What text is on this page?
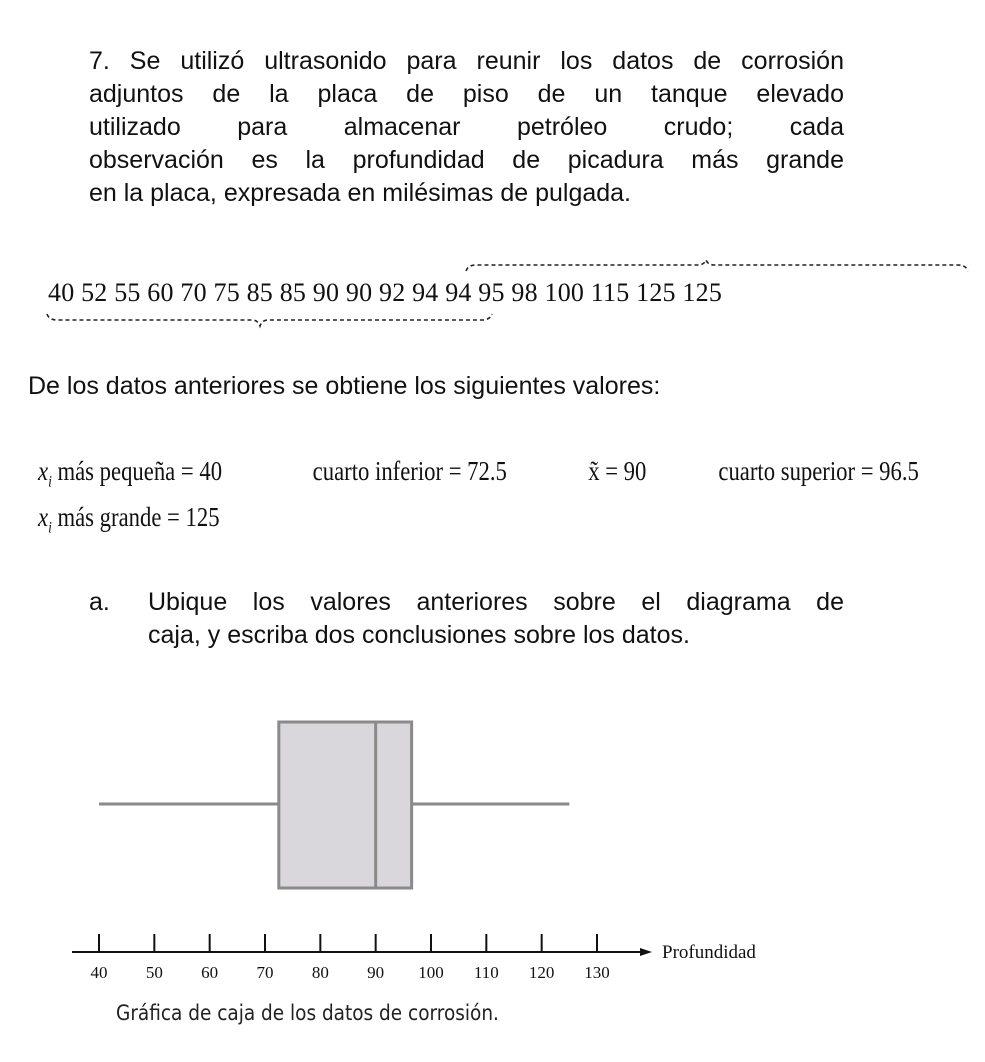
7. Se utilizó ultrasonido para reunir los datos de corrosión
adjuntos de la placa de piso de un tanque elevado
utilizado para almacenar petróleo crudo; cada
observación es la profundidad de picadura más grande
en la placa, expresada en milésimas de pulgada.
40 52 55 60 70 75 85 85 90 90 92 94 94 95 98 100 115 125 125
De los datos anteriores se obtiene los siguientes valores:
$x_i$ más pequeña = 40	cuarto inferior = 72.5	x̃ = 90	cuarto superior = 96.5
$x_i$ más grande = 125
a. Ubique los valores anteriores sobre el diagrama de
caja, y escriba dos conclusiones sobre los datos.
40 50 60 70 80 90 100 110 120 130
Profundidad
Gráfica de caja de los datos de corrosión.
